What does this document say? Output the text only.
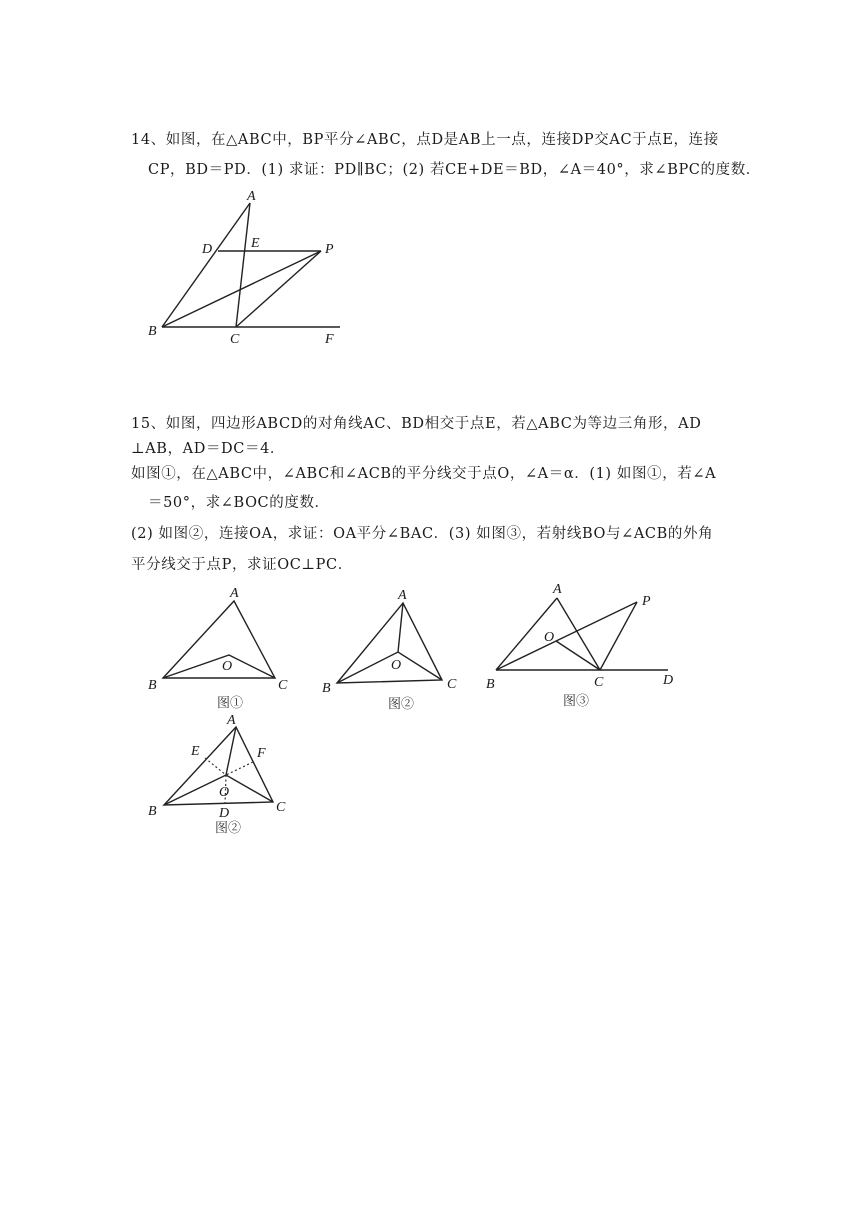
14、如图，在△ABC中，BP平分∠ABC，点D是AB上一点，连接DP交AC于点E，连接
CP，BD＝PD．(1) 求证：PD∥BC；(2) 若CE+DE＝BD，∠A＝40°，求∠BPC的度数．
15、如图，四边形ABCD的对角线AC、BD相交于点E，若△ABC为等边三角形，AD
⊥AB，AD＝DC＝4．
如图①，在△ABC中，∠ABC和∠ACB的平分线交于点O，∠A＝α．(1) 如图①，若∠A
＝50°，求∠BOC的度数．
(2) 如图②，连接OA，求证：OA平分∠BAC．(3) 如图③，若射线BO与∠ACB的外角
平分线交于点P，求证OC⊥PC．
A
E
D	P
B
C	F
A
O
B	C
图①
A
O
B	C
图②
A
P
O
B	C	D
图③
A
E	F
O
D
B	C
图②
